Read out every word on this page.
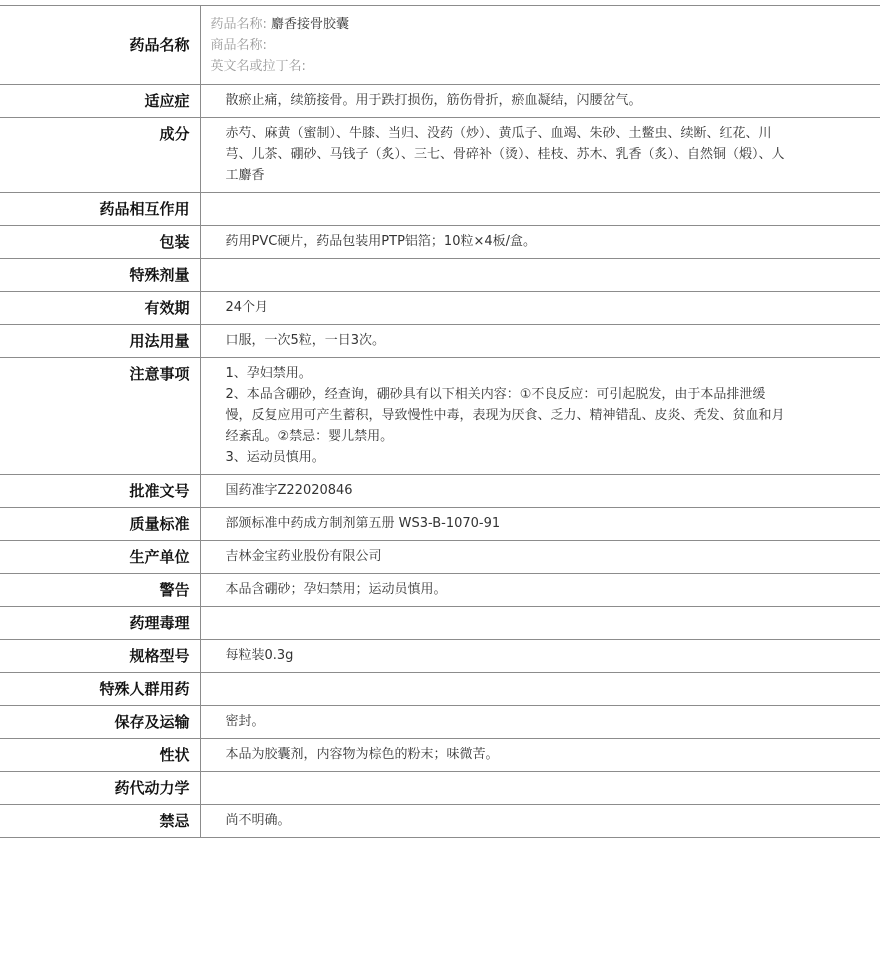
药品名称	药品名称: 麝香接骨胶囊
商品名称:
英文名或拉丁名:

适应症	散瘀止痛，续筋接骨。用于跌打损伤，筋伤骨折，瘀血凝结，闪腰岔气。
成分	赤芍、麻黄（蜜制）、牛膝、当归、没药（炒）、黄瓜子、血竭、朱砂、土鳖虫、续断、红花、川芎、儿茶、硼砂、马钱子（炙）、三七、骨碎补（烫）、桂枝、苏木、乳香（炙）、自然铜（煅）、人工麝香
药品相互作用	
包装	药用PVC硬片，药品包装用PTP铝箔；10粒×4板/盒。
特殊剂量	
有效期	24个月
用法用量	口服，一次5粒，一日3次。
注意事项	1、孕妇禁用。
2、本品含硼砂，经查询，硼砂具有以下相关内容：①不良反应：可引起脱发，由于本品排泄缓慢，反复应用可产生蓄积，导致慢性中毒，表现为厌食、乏力、精神错乱、皮炎、秃发、贫血和月经紊乱。②禁忌：婴儿禁用。
3、运动员慎用。
批准文号	国药准字Z22020846
质量标准	部颁标准中药成方制剂第五册 WS3-B-1070-91
生产单位	吉林金宝药业股份有限公司
警告	本品含硼砂；孕妇禁用；运动员慎用。
药理毒理	
规格型号	每粒装0.3g
特殊人群用药	
保存及运输	密封。
性状	本品为胶囊剂，内容物为棕色的粉末；味微苦。
药代动力学	
禁忌	尚不明确。
